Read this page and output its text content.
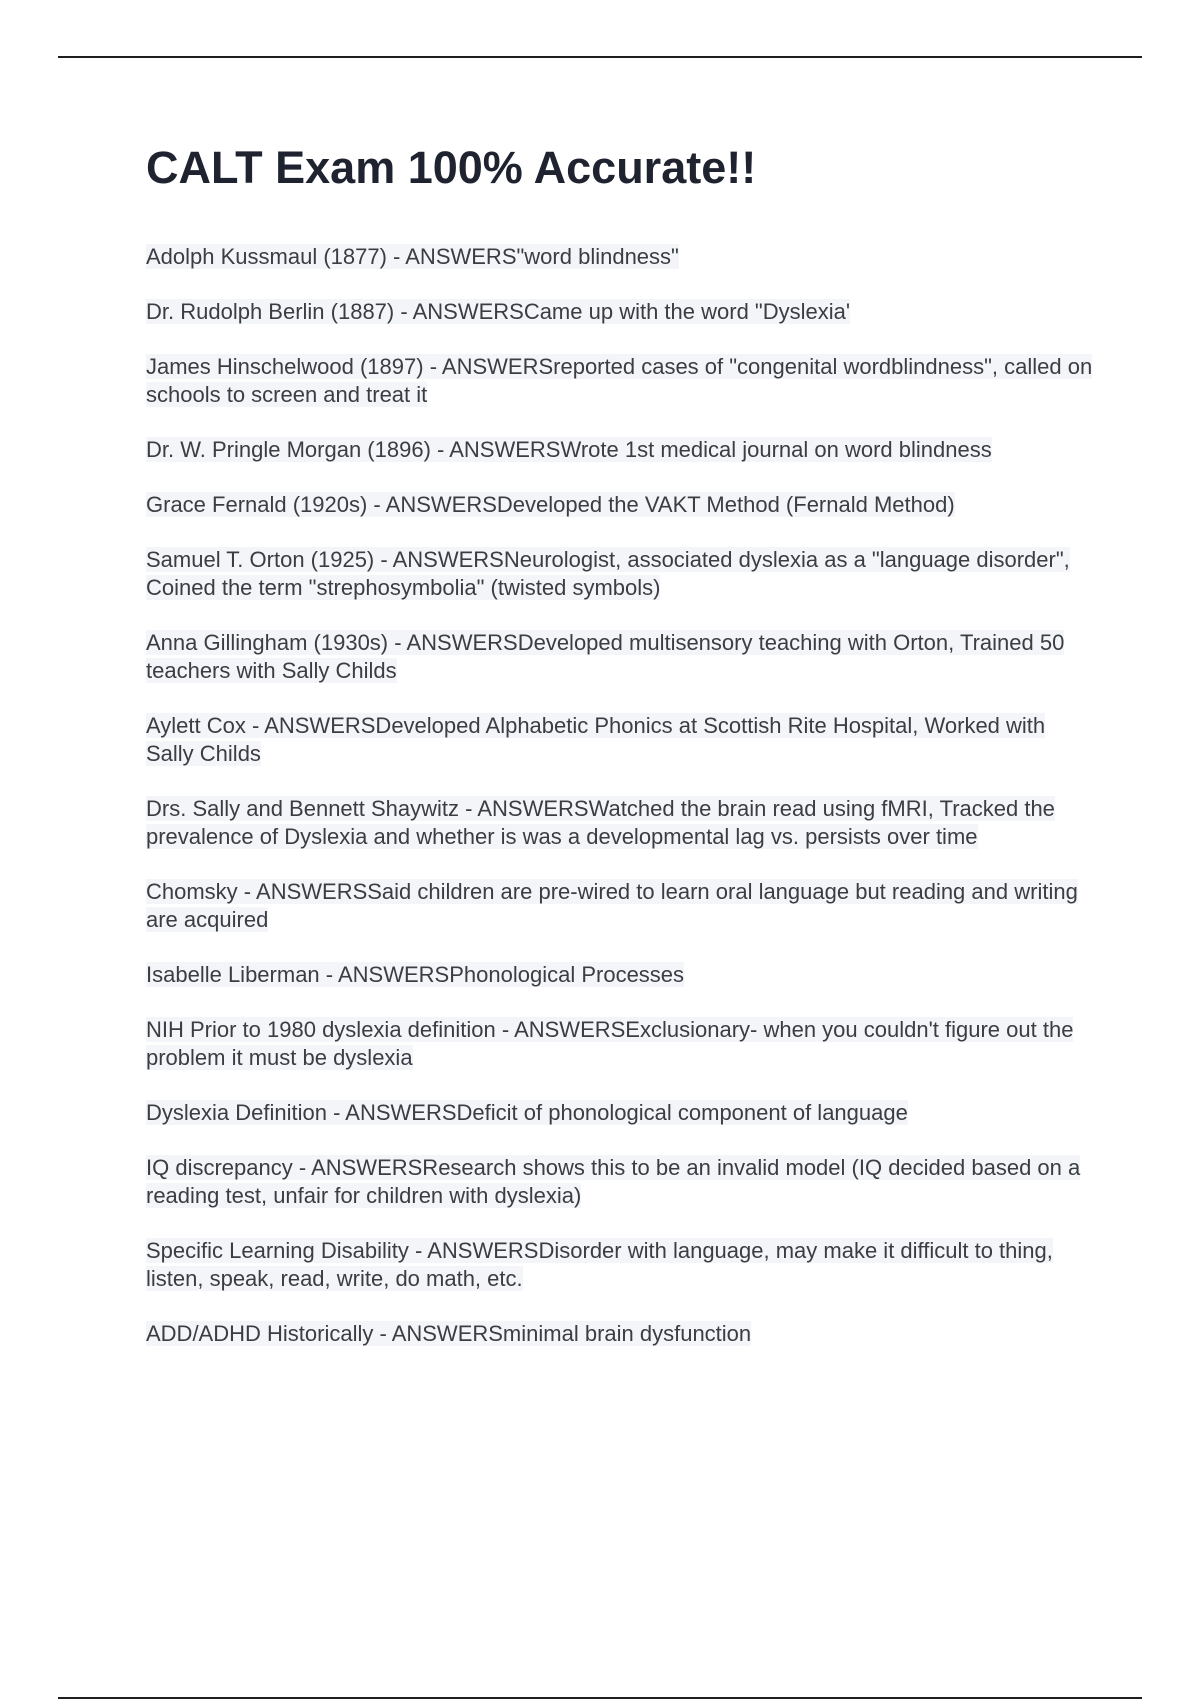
CALT Exam 100% Accurate!!
Adolph Kussmaul (1877) - ANSWERS"word blindness"
Dr. Rudolph Berlin (1887) - ANSWERSCame up with the word "Dyslexia'
James Hinschelwood (1897) - ANSWERSreported cases of "congenital wordblindness", called on schools to screen and treat it
Dr. W. Pringle Morgan (1896) - ANSWERSWrote 1st medical journal on word blindness
Grace Fernald (1920s) - ANSWERSDeveloped the VAKT Method (Fernald Method)
Samuel T. Orton (1925) - ANSWERSNeurologist, associated dyslexia as a "language disorder", Coined the term "strephosymbolia" (twisted symbols)
Anna Gillingham (1930s) - ANSWERSDeveloped multisensory teaching with Orton, Trained 50 teachers with Sally Childs
Aylett Cox - ANSWERSDeveloped Alphabetic Phonics at Scottish Rite Hospital, Worked with Sally Childs
Drs. Sally and Bennett Shaywitz - ANSWERSWatched the brain read using fMRI, Tracked the prevalence of Dyslexia and whether is was a developmental lag vs. persists over time
Chomsky - ANSWERSSaid children are pre-wired to learn oral language but reading and writing are acquired
Isabelle Liberman - ANSWERSPhonological Processes
NIH Prior to 1980 dyslexia definition - ANSWERSExclusionary- when you couldn't figure out the problem it must be dyslexia
Dyslexia Definition - ANSWERSDeficit of phonological component of language
IQ discrepancy - ANSWERSResearch shows this to be an invalid model (IQ decided based on a reading test, unfair for children with dyslexia)
Specific Learning Disability - ANSWERSDisorder with language, may make it difficult to thing, listen, speak, read, write, do math, etc.
ADD/ADHD Historically - ANSWERSminimal brain dysfunction
